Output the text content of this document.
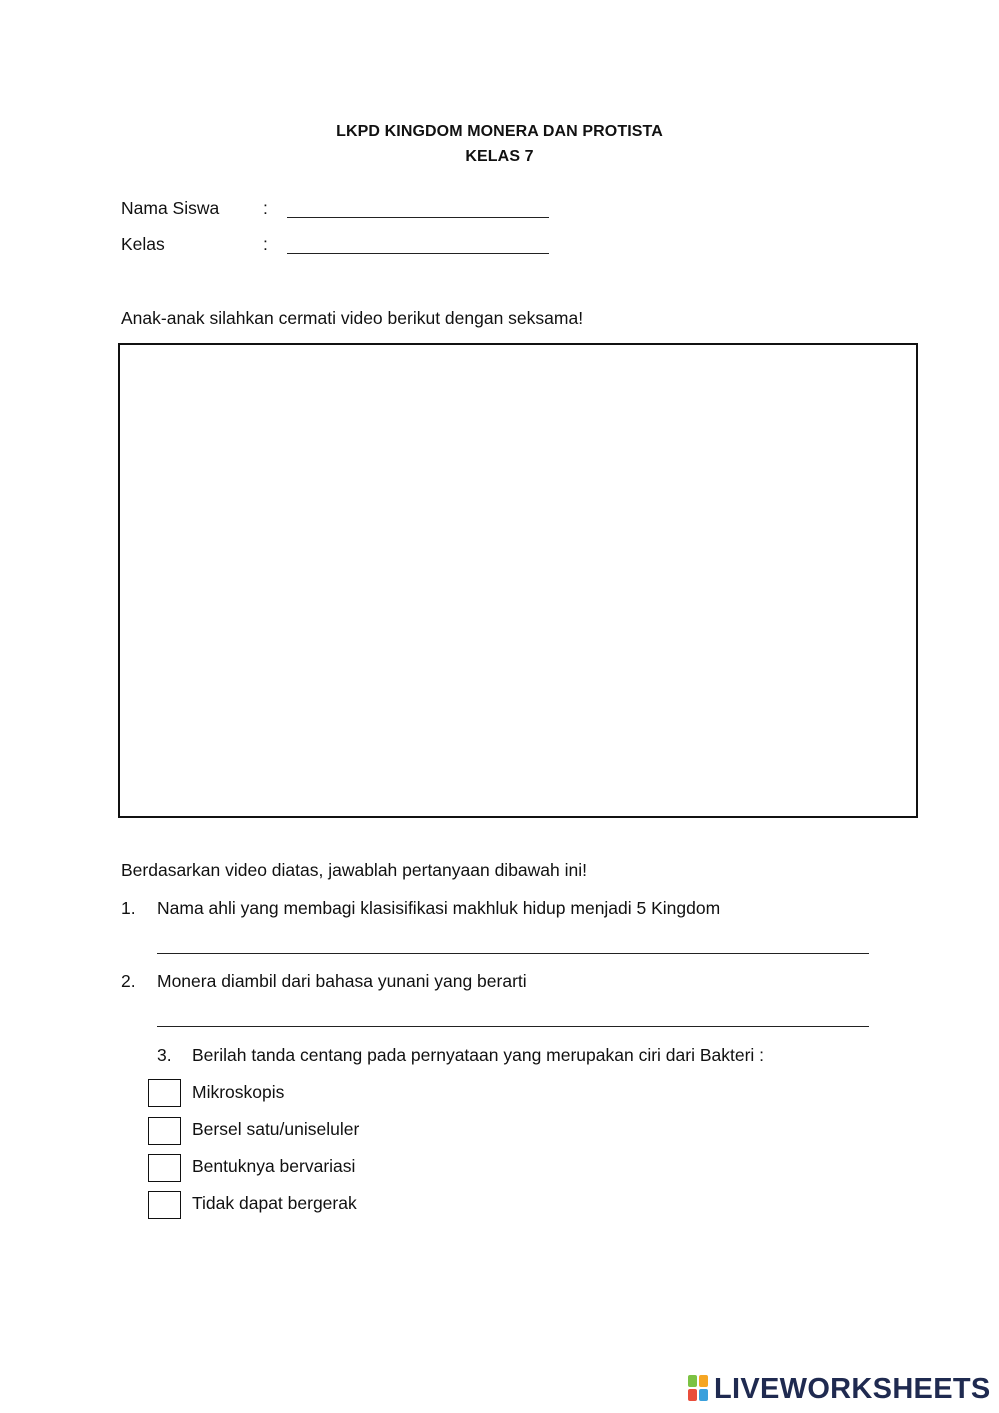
LKPD KINGDOM MONERA DAN PROTISTA
KELAS 7
Nama Siswa	:
Kelas	:
Anak-anak silahkan cermati video berikut dengan seksama!
Berdasarkan video diatas, jawablah pertanyaan dibawah ini!
1. Nama ahli yang membagi klasisifikasi makhluk hidup menjadi 5 Kingdom
2. Monera diambil dari bahasa yunani yang berarti
3. Berilah tanda centang pada pernyataan yang merupakan ciri dari Bakteri :
Mikroskopis
Bersel satu/uniseluler
Bentuknya bervariasi
Tidak dapat bergerak
LIVEWORKSHEETS
